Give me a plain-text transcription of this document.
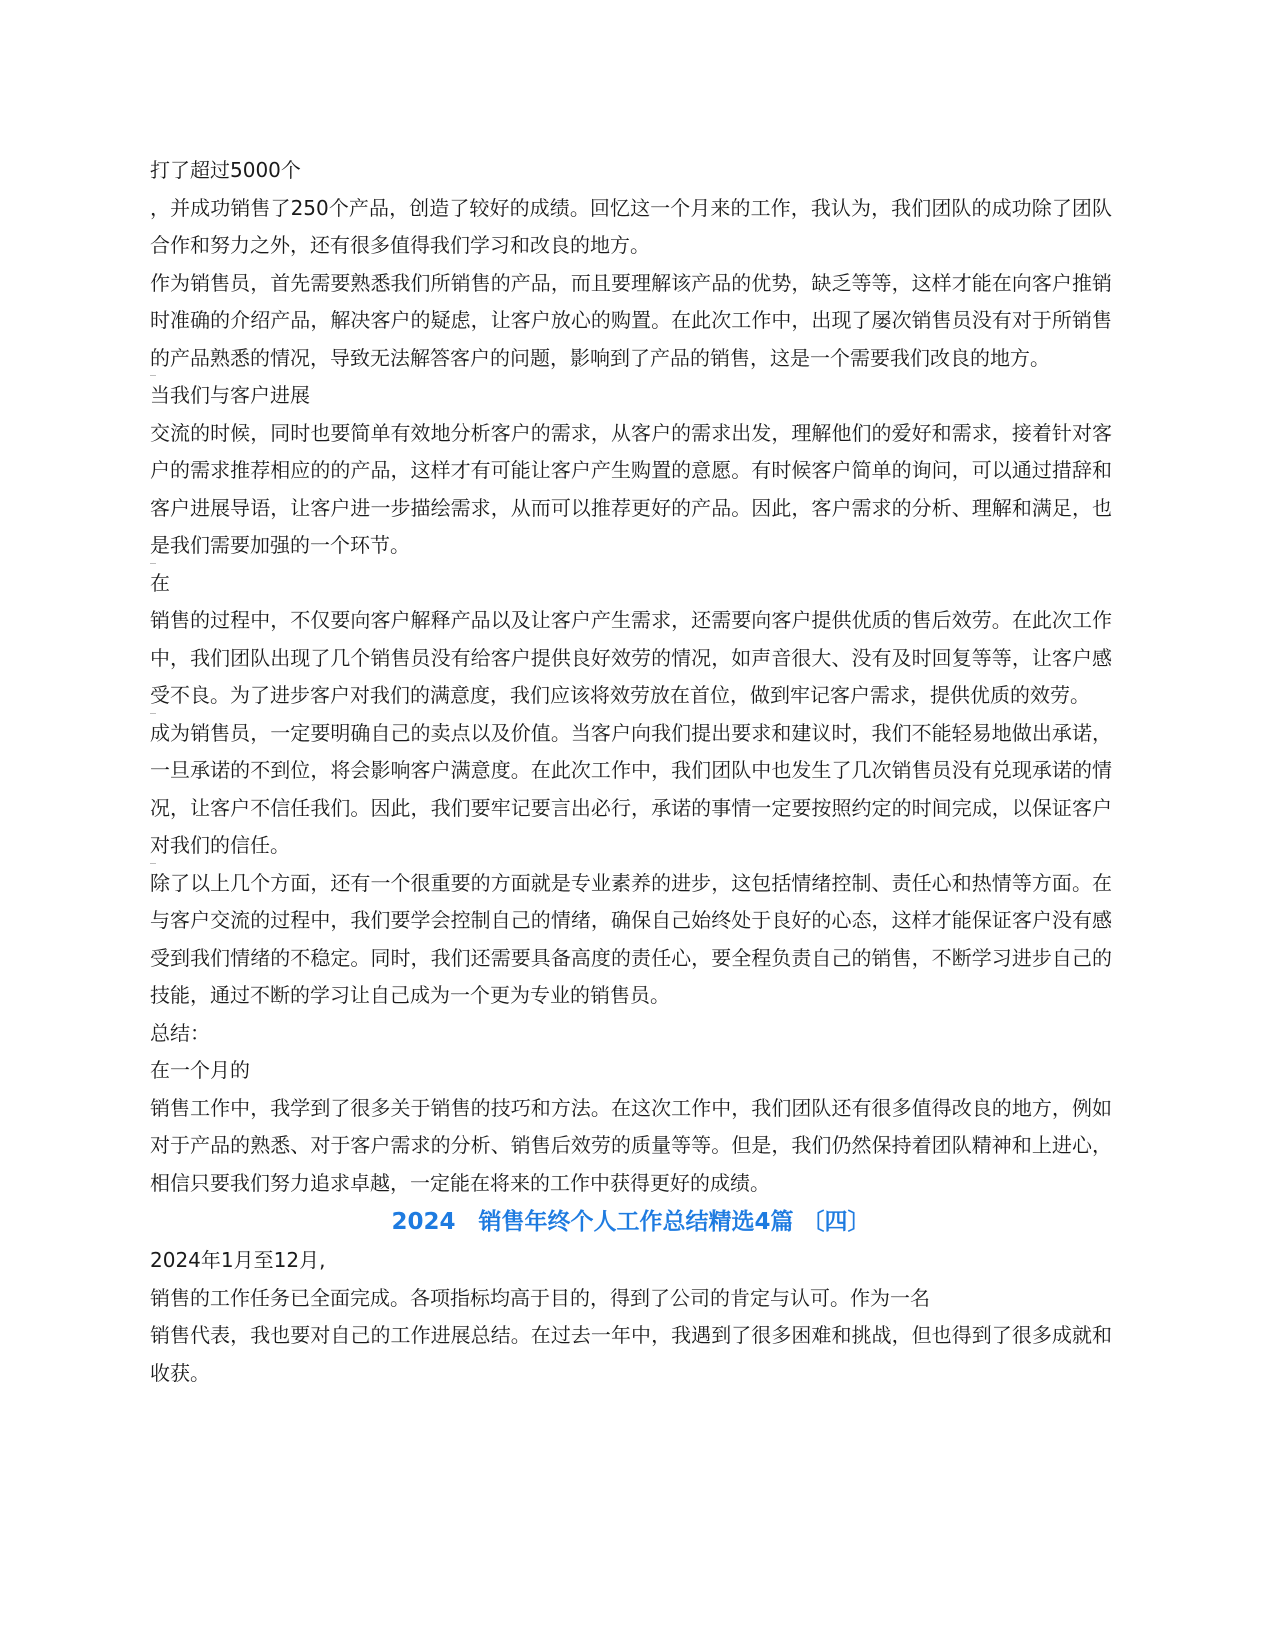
打了超过5000个

，并成功销售了250个产品，创造了较好的成绩。回忆这一个月来的工作，我认为，我们团队的成功除了团队合作和努力之外，还有很多值得我们学习和改良的地方。

作为销售员，首先需要熟悉我们所销售的产品，而且要理解该产品的优势，缺乏等等，这样才能在向客户推销时准确的介绍产品，解决客户的疑虑，让客户放心的购置。在此次工作中，出现了屡次销售员没有对于所销售的产品熟悉的情况，导致无法解答客户的问题，影响到了产品的销售，这是一个需要我们改良的地方。

当我们与客户进展

交流的时候，同时也要简单有效地分析客户的需求，从客户的需求出发，理解他们的爱好和需求，接着针对客户的需求推荐相应的的产品，这样才有可能让客户产生购置的意愿。有时候客户简单的询问，可以通过措辞和客户进展导语，让客户进一步描绘需求，从而可以推荐更好的产品。因此，客户需求的分析、理解和满足，也是我们需要加强的一个环节。

在

销售的过程中，不仅要向客户解释产品以及让客户产生需求，还需要向客户提供优质的售后效劳。在此次工作中，我们团队出现了几个销售员没有给客户提供良好效劳的情况，如声音很大、没有及时回复等等，让客户感受不良。为了进步客户对我们的满意度，我们应该将效劳放在首位，做到牢记客户需求，提供优质的效劳。

成为销售员，一定要明确自己的卖点以及价值。当客户向我们提出要求和建议时，我们不能轻易地做出承诺，一旦承诺的不到位，将会影响客户满意度。在此次工作中，我们团队中也发生了几次销售员没有兑现承诺的情况，让客户不信任我们。因此，我们要牢记要言出必行，承诺的事情一定要按照约定的时间完成，以保证客户对我们的信任。

除了以上几个方面，还有一个很重要的方面就是专业素养的进步，这包括情绪控制、责任心和热情等方面。在与客户交流的过程中，我们要学会控制自己的情绪，确保自己始终处于良好的心态，这样才能保证客户没有感受到我们情绪的不稳定。同时，我们还需要具备高度的责任心，要全程负责自己的销售，不断学习进步自己的技能，通过不断的学习让自己成为一个更为专业的销售员。

总结：

在一个月的

销售工作中，我学到了很多关于销售的技巧和方法。在这次工作中，我们团队还有很多值得改良的地方，例如对于产品的熟悉、对于客户需求的分析、销售后效劳的质量等等。但是，我们仍然保持着团队精神和上进心，相信只要我们努力追求卓越，一定能在将来的工作中获得更好的成绩。

2024　销售年终个人工作总结精选4篇 〔四〕

2024年1月至12月,

销售的工作任务已全面完成。各项指标均高于目的，得到了公司的肯定与认可。作为一名

销售代表，我也要对自己的工作进展总结。在过去一年中，我遇到了很多困难和挑战，但也得到了很多成就和收获。
